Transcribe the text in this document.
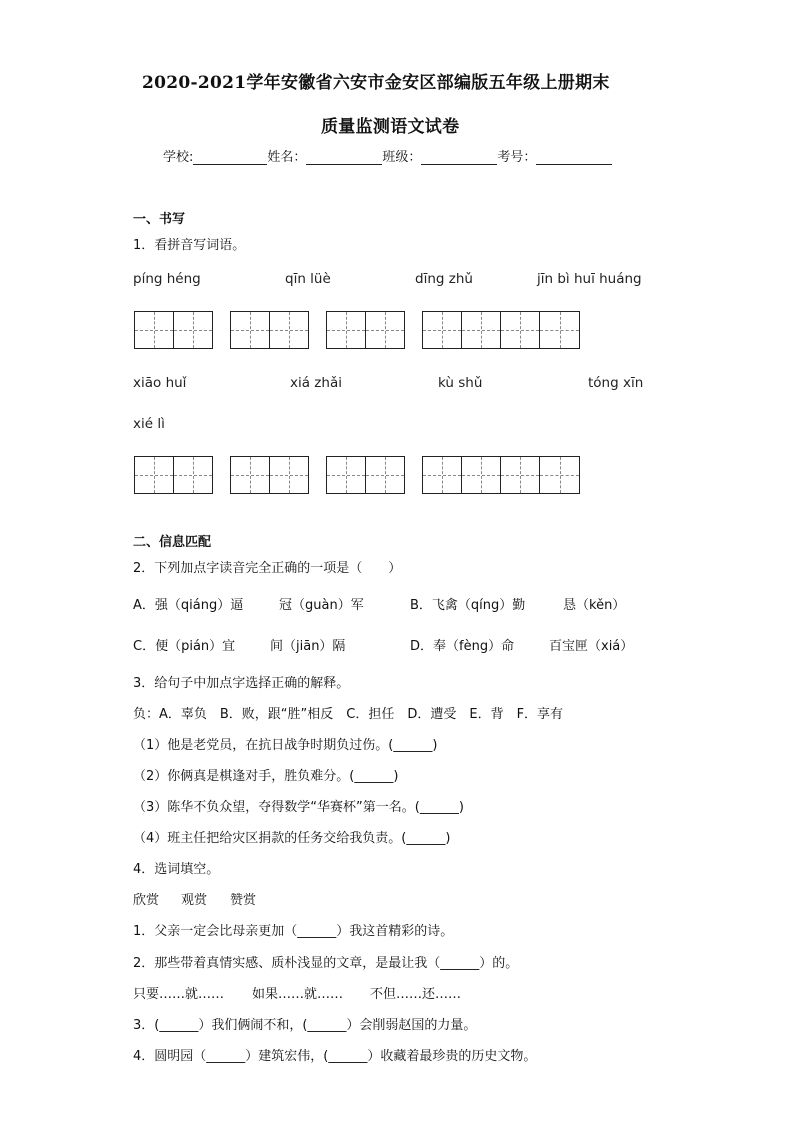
2020-2021学年安徽省六安市金安区部编版五年级上册期末
质量监测语文试卷
学校:	姓名：	班级：	考号：
一、书写
1．看拼音写词语。
píng héng	qīn lüè	dīng zhǔ	jīn bì huī huáng
xiāo huǐ	xiá zhǎi	kù shǔ	tóng xīn
xié lì
二、信息匹配
2．下列加点字读音完全正确的一项是（　　）
A．强（qiáng）逼	冠（guàn）军	B．飞禽（qíng）勤	恳（kěn）
C．便（pián）宜	间（jiān）隔	D．奉（fèng）命	百宝匣（xiá）
3．给句子中加点字选择正确的解释。
负：A．辜负　B．败，跟“胜”相反　C．担任　D．遭受　E．背　F．享有
（1）他是老党员，在抗日战争时期负过伤。(______)
（2）你俩真是棋逢对手，胜负难分。(______)
（3）陈华不负众望，夺得数学“华赛杯”第一名。(______)
（4）班主任把给灾区捐款的任务交给我负责。(______)
4．选词填空。
欣赏 观赏 赞赏
1．父亲一定会比母亲更加（______）我这首精彩的诗。
2．那些带着真情实感、质朴浅显的文章，是最让我（______）的。
只要……就…… 如果……就…… 不但……还……
3．(______）我们俩闹不和，(______）会削弱赵国的力量。
4．圆明园（______）建筑宏伟，(______）收藏着最珍贵的历史文物。
